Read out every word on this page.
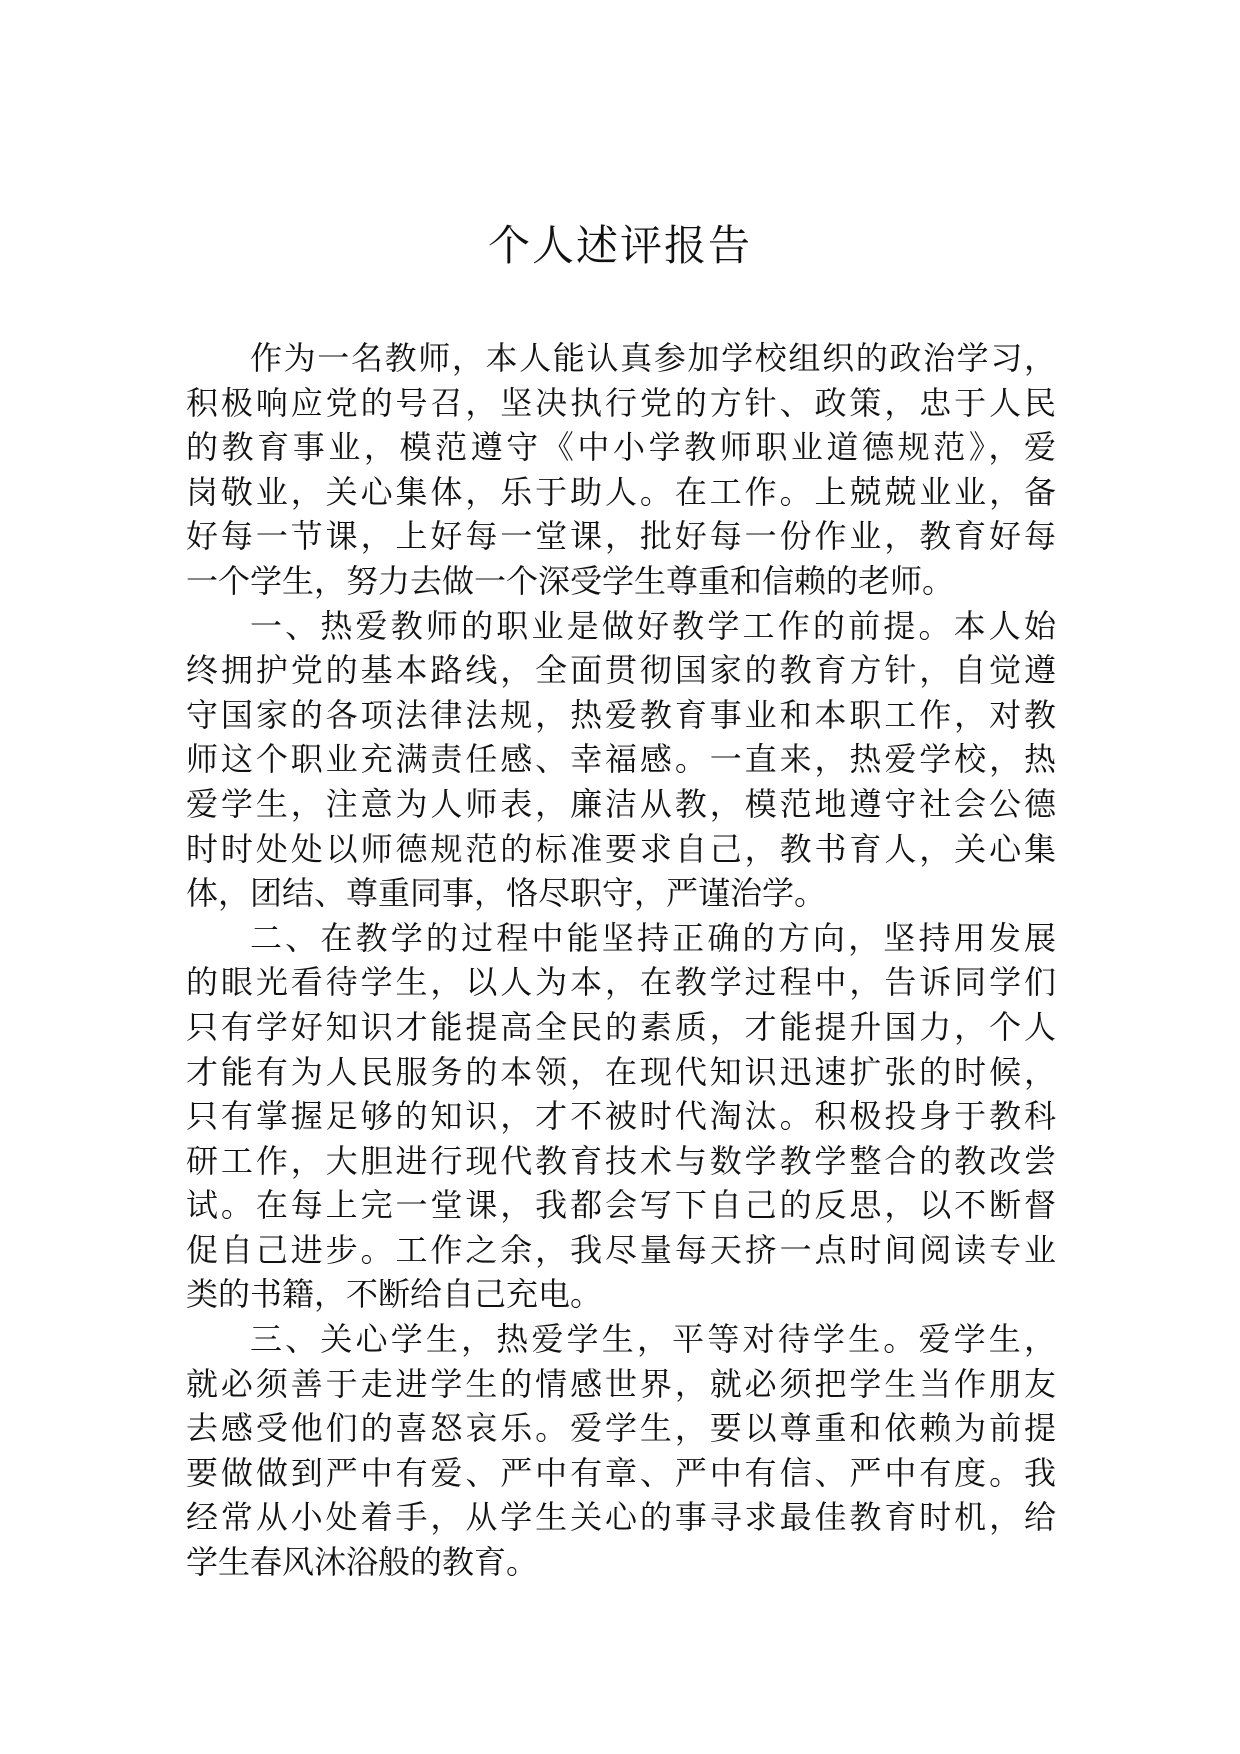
个人述评报告
作为一名教师，本人能认真参加学校组织的政治学习，
积极响应党的号召，坚决执行党的方针、政策，忠于人民
的教育事业，模范遵守《中小学教师职业道德规范》，爱
岗敬业，关心集体，乐于助人。在工作。上兢兢业业，备
好每一节课，上好每一堂课，批好每一份作业，教育好每
一个学生，努力去做一个深受学生尊重和信赖的老师。
一、热爱教师的职业是做好教学工作的前提。本人始
终拥护党的基本路线，全面贯彻国家的教育方针，自觉遵
守国家的各项法律法规，热爱教育事业和本职工作，对教
师这个职业充满责任感、幸福感。一直来，热爱学校，热
爱学生，注意为人师表，廉洁从教，模范地遵守社会公德
时时处处以师德规范的标准要求自己，教书育人，关心集
体，团结、尊重同事，恪尽职守，严谨治学。
二、在教学的过程中能坚持正确的方向，坚持用发展
的眼光看待学生，以人为本，在教学过程中，告诉同学们
只有学好知识才能提高全民的素质，才能提升国力，个人
才能有为人民服务的本领，在现代知识迅速扩张的时候，
只有掌握足够的知识，才不被时代淘汰。积极投身于教科
研工作，大胆进行现代教育技术与数学教学整合的教改尝
试。在每上完一堂课，我都会写下自己的反思，以不断督
促自己进步。工作之余，我尽量每天挤一点时间阅读专业
类的书籍，不断给自己充电。
三、关心学生，热爱学生，平等对待学生。爱学生，
就必须善于走进学生的情感世界，就必须把学生当作朋友
去感受他们的喜怒哀乐。爱学生，要以尊重和依赖为前提
要做做到严中有爱、严中有章、严中有信、严中有度。我
经常从小处着手，从学生关心的事寻求最佳教育时机，给
学生春风沐浴般的教育。
